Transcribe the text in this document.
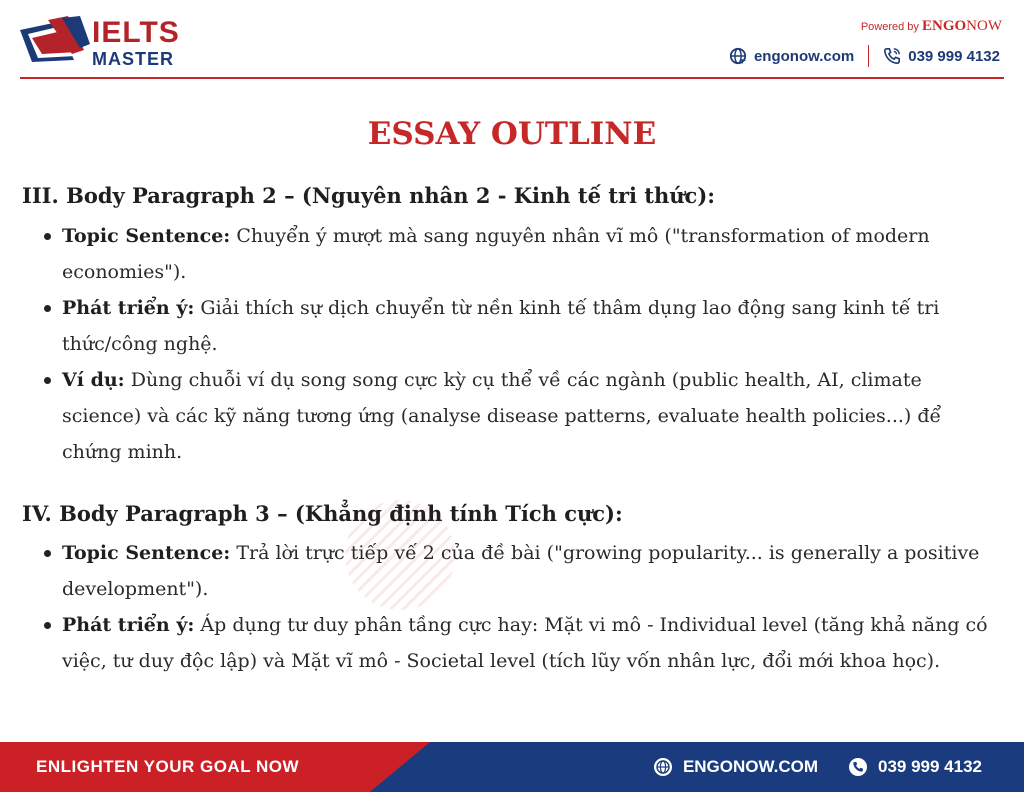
IELTS
MASTER
Powered by ENGONOW
engonow.com	039 999 4132
ESSAY OUTLINE
III. Body Paragraph 2 – (Nguyên nhân 2 - Kinh tế tri thức):
Topic Sentence: Chuyển ý mượt mà sang nguyên nhân vĩ mô ("transformation of modern economies").
Phát triển ý: Giải thích sự dịch chuyển từ nền kinh tế thâm dụng lao động sang kinh tế tri thức/công nghệ.
Ví dụ: Dùng chuỗi ví dụ song song cực kỳ cụ thể về các ngành (public health, AI, climate science) và các kỹ năng tương ứng (analyse disease patterns, evaluate health policies...) để chứng minh.
IV. Body Paragraph 3 – (Khẳng định tính Tích cực):
Topic Sentence: Trả lời trực tiếp vế 2 của đề bài ("growing popularity... is generally a positive development").
Phát triển ý: Áp dụng tư duy phân tầng cực hay: Mặt vi mô - Individual level (tăng khả năng có việc, tư duy độc lập) và Mặt vĩ mô - Societal level (tích lũy vốn nhân lực, đổi mới khoa học).
ENLIGHTEN YOUR GOAL NOW	ENGONOW.COM	039 999 4132
